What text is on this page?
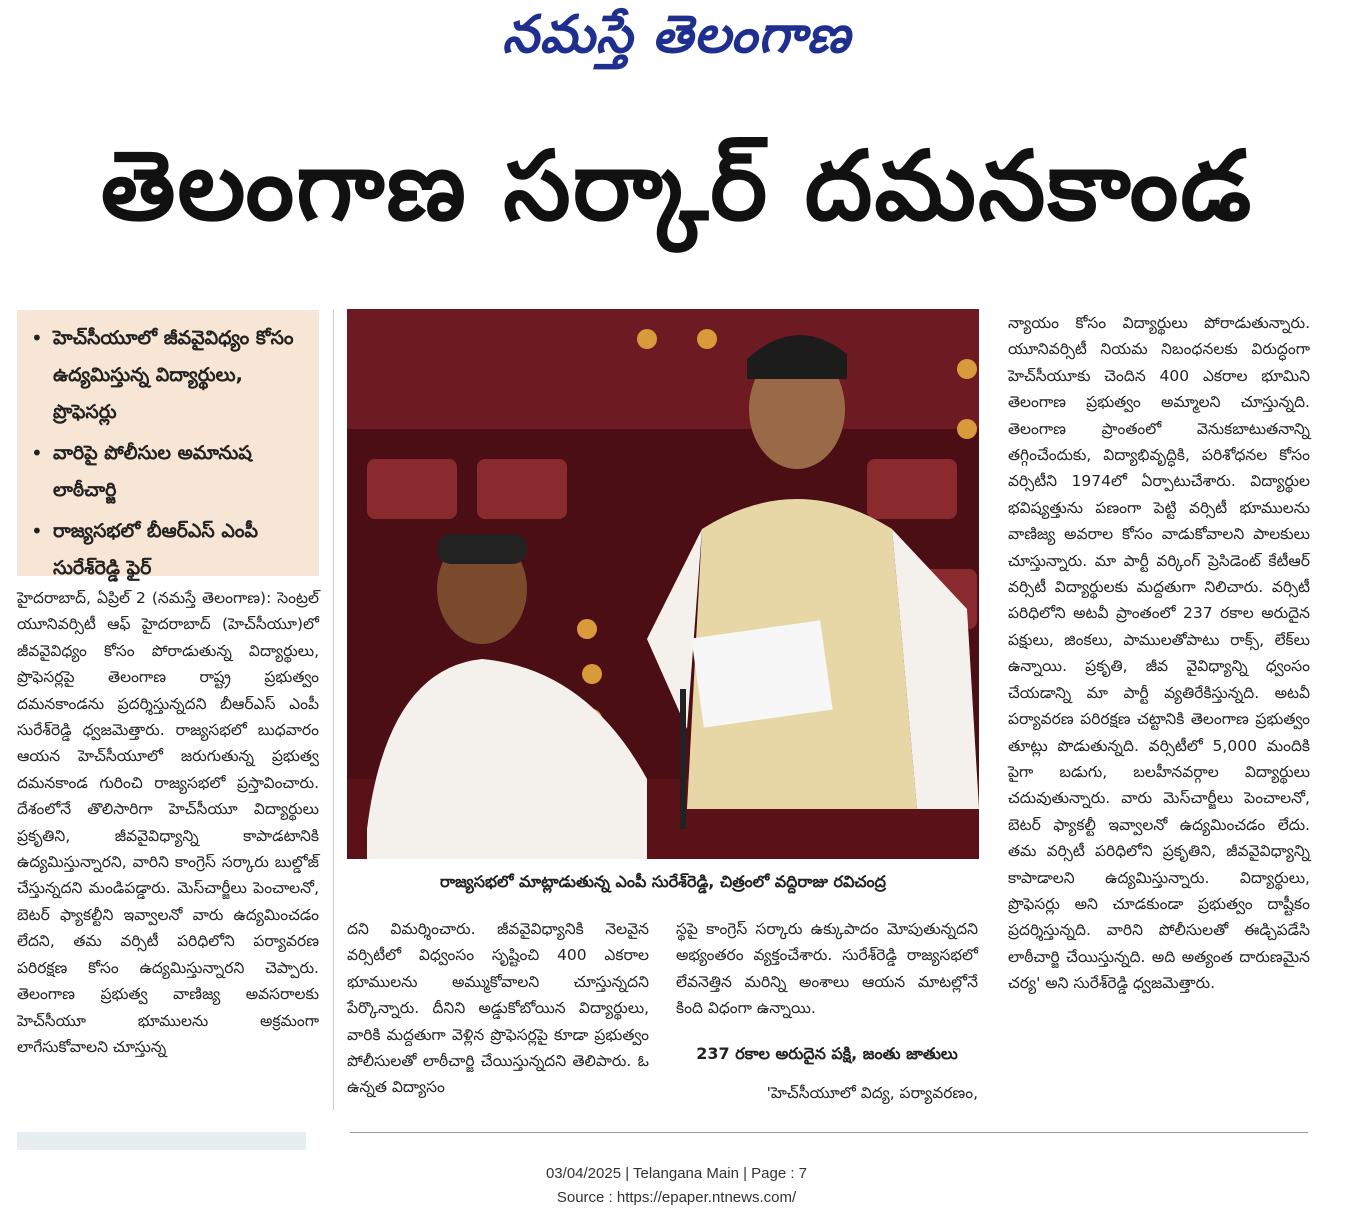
నమస్తే తెలంగాణ
తెలంగాణ సర్కార్ దమనకాండ
• హెచ్‌సీయూలో జీవవైవిధ్యం కోసం ఉద్యమిస్తున్న విద్యార్థులు, ప్రొఫెసర్లు
• వారిపై పోలీసుల అమానుష లాఠీచార్జి
• రాజ్యసభలో బీఆర్‌ఎస్ ఎంపీ సురేశ్‌రెడ్డి ఫైర్

హైదరాబాద్, ఏప్రిల్ 2 (నమస్తే తెలంగాణ): సెంట్రల్ యూనివర్సిటీ ఆఫ్ హైదరాబాద్ (హెచ్‌సీయూ)లో జీవవైవిధ్యం కోసం పోరాడుతున్న విద్యార్థులు, ప్రొఫెసర్లపై తెలంగాణ రాష్ట్ర ప్రభుత్వం దమనకాండను ప్రదర్శిస్తున్నదని బీఆర్‌ఎస్ ఎంపీ సురేశ్‌రెడ్డి ధ్వజమెత్తారు. రాజ్యసభలో బుధవారం ఆయన హెచ్‌సీయూలో జరుగుతున్న ప్రభుత్వ దమనకాండ గురించి రాజ్యసభలో ప్రస్తావించారు. దేశంలోనే తొలిసారిగా హెచ్‌సీయూ విద్యార్థులు ప్రకృతిని, జీవవైవిధ్యాన్ని కాపాడటానికి ఉద్యమిస్తున్నారని, వారిని కాంగ్రెస్ సర్కారు బుల్డోజ్ చేస్తున్నదని మండిపడ్డారు. మెస్‌చార్జీలు పెంచాలనో, బెటర్ ఫ్యాకల్టీని ఇవ్వాలనో వారు ఉద్యమించడం లేదని, తమ వర్సిటీ పరిధిలోని పర్యావరణ పరిరక్షణ కోసం ఉద్యమిస్తున్నారని చెప్పారు. తెలంగాణ ప్రభుత్వ వాణిజ్య అవసరాలకు హెచ్‌సీయూ భూములను అక్రమంగా లాగేసుకోవాలని చూస్తున్న

రాజ్యసభలో మాట్లాడుతున్న ఎంపీ సురేశ్‌రెడ్డి, చిత్రంలో వద్దిరాజు రవిచంద్ర

దని విమర్శించారు. జీవవైవిధ్యానికి నెలవైన వర్సిటీలో విధ్వంసం సృష్టించి 400 ఎకరాల భూములను అమ్ముకోవాలని చూస్తున్నదని పేర్కొన్నారు. దీనిని అడ్డుకోబోయిన విద్యార్థులు, వారికి మద్దతుగా వెళ్లిన ప్రొఫెసర్లపై కూడా ప్రభుత్వం పోలీసులతో లాఠీచార్జి చేయిస్తున్నదని తెలిపారు. ఓ ఉన్నత విద్యాసం

స్థపై కాంగ్రెస్ సర్కారు ఉక్కుపాదం మోపుతున్నదని అభ్యంతరం వ్యక్తంచేశారు. సురేశ్‌రెడ్డి రాజ్యసభలో లేవనెత్తిన మరిన్ని అంశాలు ఆయన మాటల్లోనే కింది విధంగా ఉన్నాయి.

237 రకాల అరుదైన పక్షి, జంతు జాతులు
'హెచ్‌సీయూలో విద్య, పర్యావరణం,

న్యాయం కోసం విద్యార్థులు పోరాడుతున్నారు. యూనివర్సిటీ నియమ నిబంధనలకు విరుద్ధంగా హెచ్‌సీయూకు చెందిన 400 ఎకరాల భూమిని తెలంగాణ ప్రభుత్వం అమ్మాలని చూస్తున్నది. తెలంగాణ ప్రాంతంలో వెనుకబాటుతనాన్ని తగ్గించేందుకు, విద్యాభివృద్ధికి, పరిశోధనల కోసం వర్సిటీని 1974లో ఏర్పాటుచేశారు. విద్యార్థుల భవిష్యత్తును పణంగా పెట్టి వర్సిటీ భూములను వాణిజ్య అవరాల కోసం వాడుకోవాలని పాలకులు చూస్తున్నారు. మా పార్టీ వర్కింగ్ ప్రెసిడెంట్ కేటీఆర్ వర్సిటీ విద్యార్థులకు మద్దతుగా నిలిచారు. వర్సిటీ పరిధిలోని అటవీ ప్రాంతంలో 237 రకాల అరుదైన పక్షులు, జింకలు, పాములతోపాటు రాక్స్, లేక్‌లు ఉన్నాయి. ప్రకృతి, జీవ వైవిధ్యాన్ని ధ్వంసం చేయడాన్ని మా పార్టీ వ్యతిరేకిస్తున్నది. అటవీ పర్యావరణ పరిరక్షణ చట్టానికి తెలంగాణ ప్రభుత్వం తూట్లు పొడుతున్నది. వర్సిటీలో 5,000 మందికి పైగా బడుగు, బలహీనవర్గాల విద్యార్థులు చదువుతున్నారు. వారు మెస్‌చార్జీలు పెంచాలనో, బెటర్ ఫ్యాకల్టీ ఇవ్వాలనో ఉద్యమించడం లేదు. తమ వర్సిటీ పరిధిలోని ప్రకృతిని, జీవవైవిధ్యాన్ని కాపాడాలని ఉద్యమిస్తున్నారు. విద్యార్థులు, ప్రొఫెసర్లు అని చూడకుండా ప్రభుత్వం దాష్టీకం ప్రదర్శిస్తున్నది. వారిని పోలీసులతో ఈడ్చిపడేసి లాఠీచార్జి చేయిస్తున్నది. అది అత్యంత దారుణమైన చర్య' అని సురేశ్‌రెడ్డి ధ్వజమెత్తారు.

03/04/2025 | Telangana Main | Page : 7
Source : https://epaper.ntnews.com/
